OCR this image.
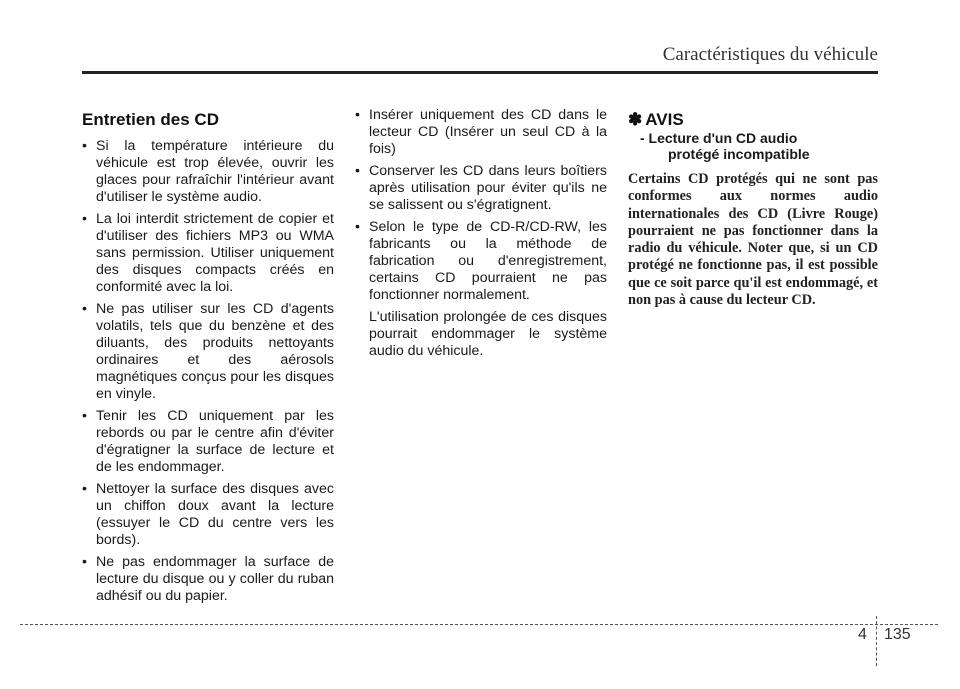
Caractéristiques du véhicule
Entretien des CD
• Si la température intérieure du véhicule est trop élevée, ouvrir les glaces pour rafraîchir l'intérieur avant d'utiliser le système audio.
• La loi interdit strictement de copier et d'utiliser des fichiers MP3 ou WMA sans permission. Utiliser uniquement des disques compacts créés en conformité avec la loi.
• Ne pas utiliser sur les CD d'agents volatils, tels que du benzène et des diluants, des produits nettoyants ordinaires et des aérosols magnétiques conçus pour les disques en vinyle.
• Tenir les CD uniquement par les rebords ou par le centre afin d'éviter d'égratigner la surface de lecture et de les endommager.
• Nettoyer la surface des disques avec un chiffon doux avant la lecture (essuyer le CD du centre vers les bords).
• Ne pas endommager la surface de lecture du disque ou y coller du ruban adhésif ou du papier.
• Insérer uniquement des CD dans le lecteur CD (Insérer un seul CD à la fois)
• Conserver les CD dans leurs boîtiers après utilisation pour éviter qu'ils ne se salissent ou s'égratignent.
• Selon le type de CD-R/CD-RW, les fabricants ou la méthode de fabrication ou d'enregistrement, certains CD pourraient ne pas fonctionner normalement.

L'utilisation prolongée de ces disques pourrait endommager le système audio du véhicule.

✽ AVIS
- Lecture d'un CD audio
protégé incompatible

Certains CD protégés qui ne sont pas conformes aux normes audio internationales des CD (Livre Rouge) pourraient ne pas fonctionner dans la radio du véhicule. Noter que, si un CD protégé ne fonctionne pas, il est possible que ce soit parce qu'il est endommagé, et non pas à cause du lecteur CD.

4 135
